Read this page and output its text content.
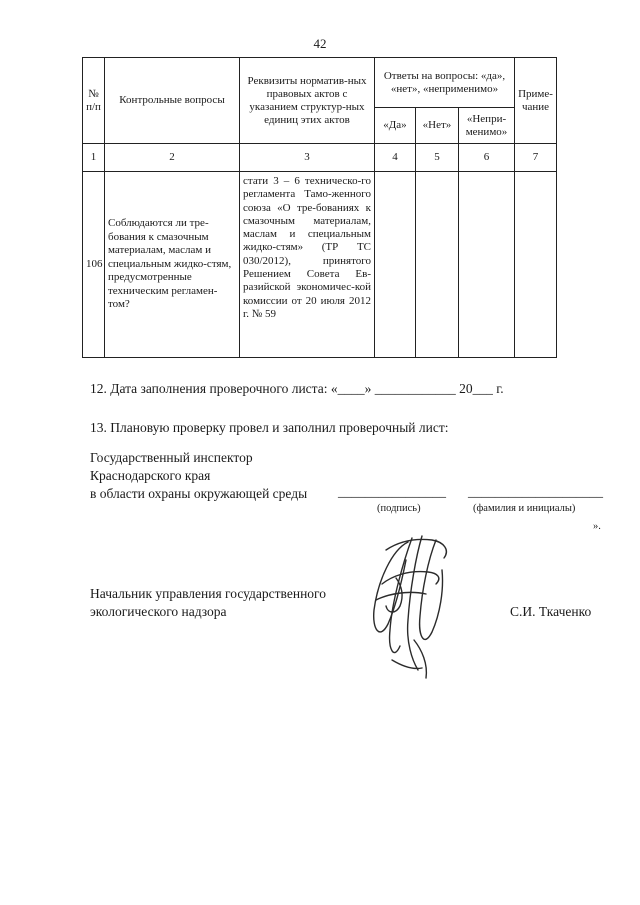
42
№ п/п	Контрольные вопросы	Реквизиты норматив-ных правовых актов с указанием структур-ных единиц этих актов	Ответы на вопросы: «да», «нет», «неприменимо»			Приме-чание
			«Да»	«Нет»	«Непри-менимо»	
1	2	3	4	5	6	7
106	Соблюдаются ли тре-бования к смазочным материалам, маслам и специальным жидко-стям, предусмотренные техническим регламен-том?	стати 3 – 6 техническо-го регламента Тамо-женного союза «О тре-бованиях к смазочным материалам, маслам и специальным жидко-стям» (ТР ТС 030/2012), принятого Решением Совета Ев-разийской экономичес-кой комиссии от 20 июля 2012 г. № 59				
12. Дата заполнения проверочного листа: «____» ____________ 20___ г.
13. Плановую проверку провел и заполнил проверочный лист:
Государственный инспектор
Краснодарского края
в области охраны окружающей среды ________________ ____________________
(подпись)	(фамилия и инициалы)
».
Начальник управления государственного
экологического надзора	С.И. Ткаченко
